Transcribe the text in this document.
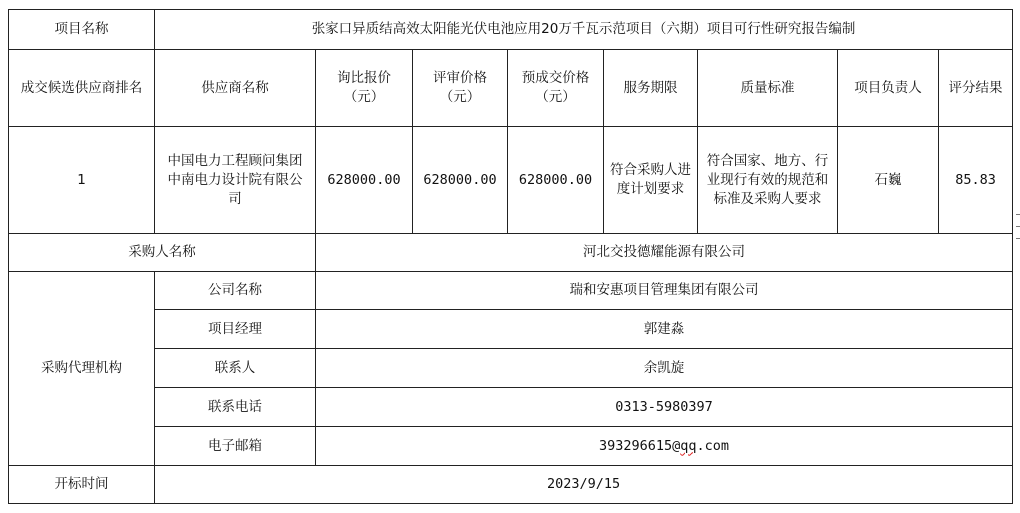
项目名称	张家口异质结高效太阳能光伏电池应用20万千瓦示范项目（六期）项目可行性研究报告编制							
成交候选供应商排名	供应商名称	询比报价（元）	评审价格（元）	预成交价格（元）	服务期限	质量标准	项目负责人	评分结果
1	中国电力工程顾问集团中南电力设计院有限公司	628000.00	628000.00	628000.00	符合采购人进度计划要求	符合国家、地方、行业现行有效的规范和标准及采购人要求	石巍	85.83
采购人名称		河北交投德耀能源有限公司						
采购代理机构	公司名称	瑞和安惠项目管理集团有限公司						
	项目经理	郭建淼						
	联系人	余凯旋						
	联系电话	0313-5980397						
	电子邮箱	393296615@qq.com						
开标时间	2023/9/15							
